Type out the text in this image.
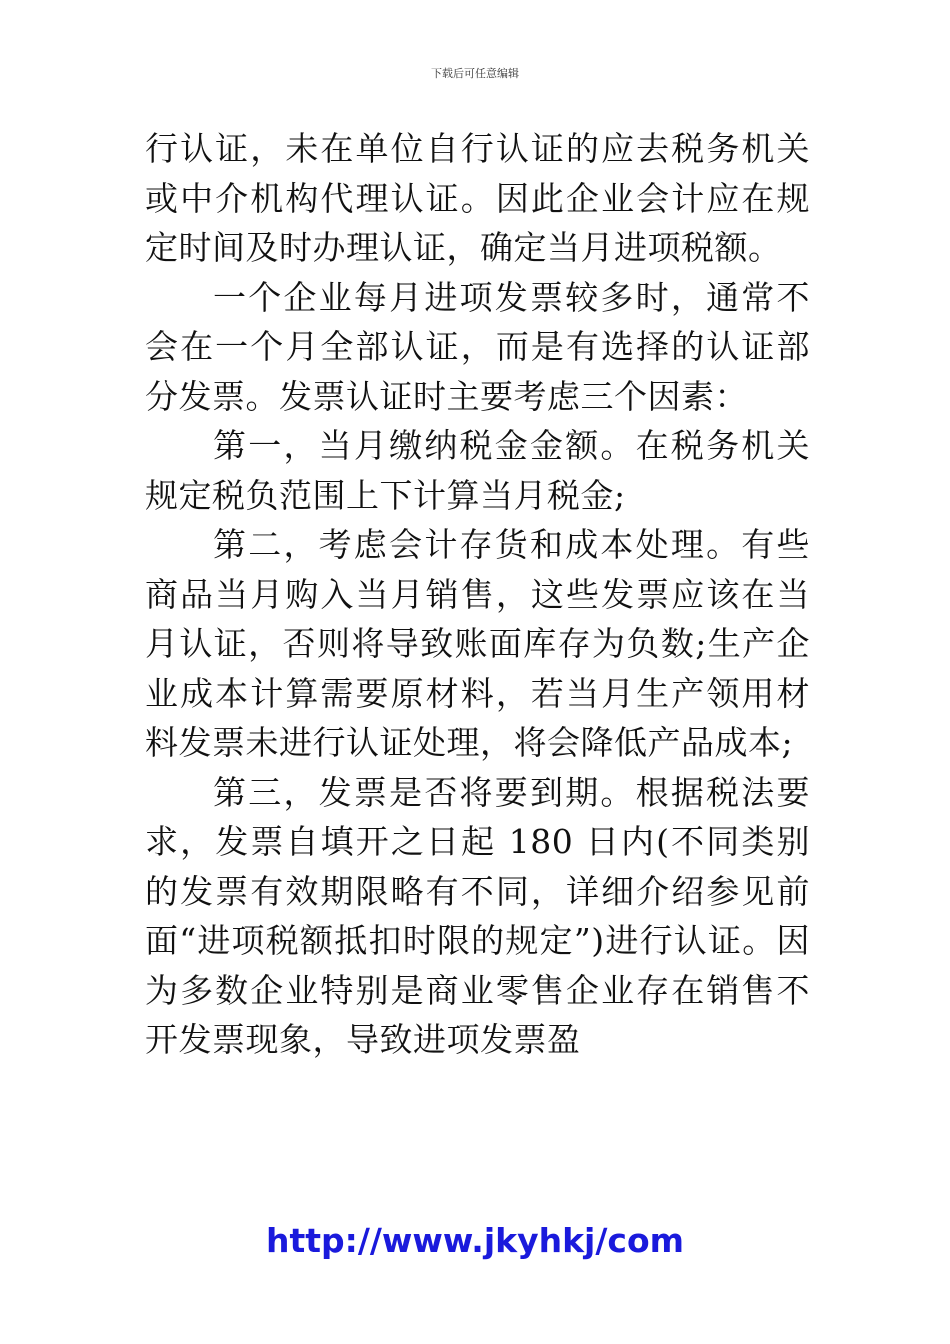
下载后可任意编辑

行认证，未在单位自行认证的应去税务机关或中介机构代理认证。因此企业会计应在规定时间及时办理认证，确定当月进项税额。

一个企业每月进项发票较多时，通常不会在一个月全部认证，而是有选择的认证部分发票。发票认证时主要考虑三个因素：

第一，当月缴纳税金金额。在税务机关规定税负范围上下计算当月税金;

第二，考虑会计存货和成本处理。有些商品当月购入当月销售，这些发票应该在当月认证，否则将导致账面库存为负数;生产企业成本计算需要原材料，若当月生产领用材料发票未进行认证处理，将会降低产品成本;

第三，发票是否将要到期。根据税法要求，发票自填开之日起 180 日内(不同类别的发票有效期限略有不同，详细介绍参见前面“进项税额抵扣时限的规定”)进行认证。因为多数企业特别是商业零售企业存在销售不开发票现象，导致进项发票盈

http://www.jkyhkj/com
